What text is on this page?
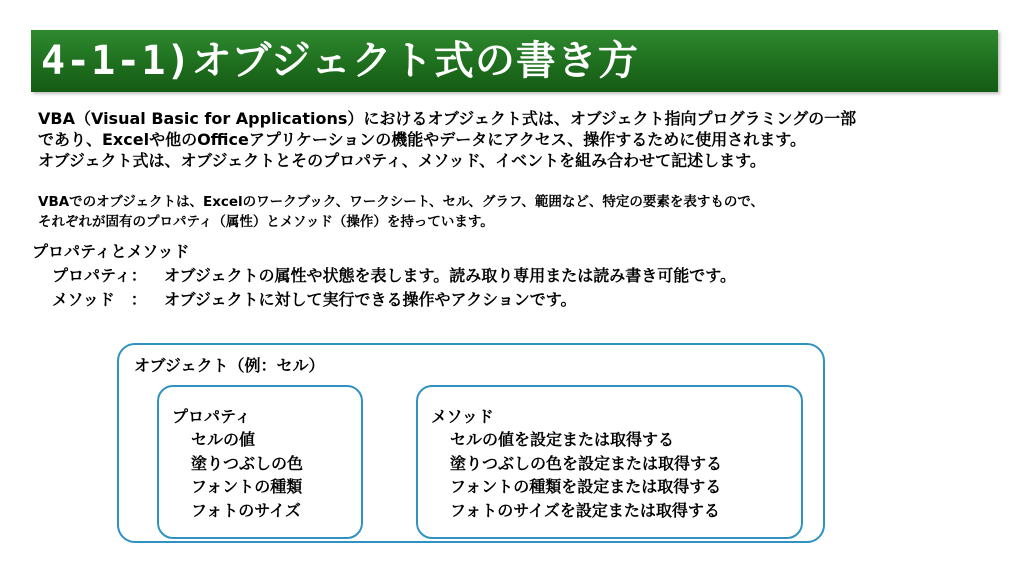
4-1-1)オブジェクト式の書き方
VBA（Visual Basic for Applications）におけるオブジェクト式は、オブジェクト指向プログラミングの一部
であり、Excelや他のOfficeアプリケーションの機能やデータにアクセス、操作するために使用されます。
オブジェクト式は、オブジェクトとそのプロパティ、メソッド、イベントを組み合わせて記述します。
VBAでのオブジェクトは、Excelのワークブック、ワークシート、セル、グラフ、範囲など、特定の要素を表すもので、
それぞれが固有のプロパティ（属性）とメソッド（操作）を持っています。
プロパティとメソッド
プロパティ：	オブジェクトの属性や状態を表します。読み取り専用または読み書き可能です。
メソッド　：	オブジェクトに対して実行できる操作やアクションです。
オブジェクト（例：セル）
プロパティ
セルの値
塗りつぶしの色
フォントの種類
フォトのサイズ
メソッド
セルの値を設定または取得する
塗りつぶしの色を設定または取得する
フォントの種類を設定または取得する
フォトのサイズを設定または取得する
